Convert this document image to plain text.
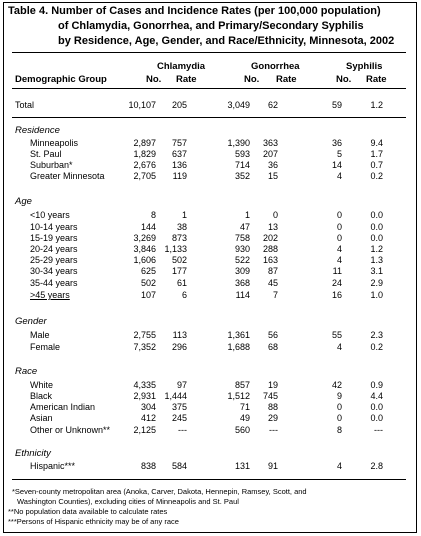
Table 4. Number of Cases and Incidence Rates (per 100,000 population)
of Chlamydia, Gonorrhea, and Primary/Secondary Syphilis
by Residence, Age, Gender, and Race/Ethnicity, Minnesota, 2002
Chlamydia	Gonorrhea	Syphilis
Demographic Group	No. Rate	No. Rate	No. Rate
Total	10,107 205	3,049 62	59	1.2
Residence
Minneapolis	2,897 757	1,390 363	36	9.4
St. Paul	1,829 637	593 207	5	1.7
Suburban*	2,676 136	714 36	14	0.7
Greater Minnesota	2,705 119	352 15	4	0.2
Age
<10 years	8	1	1	0	0	0.0
10-14 years	144 38	47 13	0	0.0
15-19 years	3,269 873	758 202	0	0.0
20-24 years	3,846 1,133	930 288	4	1.2
25-29 years	1,606 502	522 163	4	1.3
30-34 years	625 177	309 87	11	3.1
35-44 years	502 61	368 45	24	2.9
>45 years	107	6	114	7	16	1.0
Gender
Male	2,755 113	1,361 56	55	2.3
Female	7,352 296	1,688 68	4	0.2
Race
White	4,335 97	857 19	42	0.9
Black	2,931 1,444	1,512 745	9	4.4
American Indian	304 375	71 88	0	0.0
Asian	412 245	49 29	0	0.0
Other or Unknown**	2,125 ---	560 ---	8	---
Ethnicity
Hispanic***	838 584	131 91	4	2.8
*Seven-county metropolitan area (Anoka, Carver, Dakota, Hennepin, Ramsey, Scott, and
Washington Counties), excluding cities of Minneapolis and St. Paul
**No population data available to calculate rates
***Persons of Hispanic ethnicity may be of any race
